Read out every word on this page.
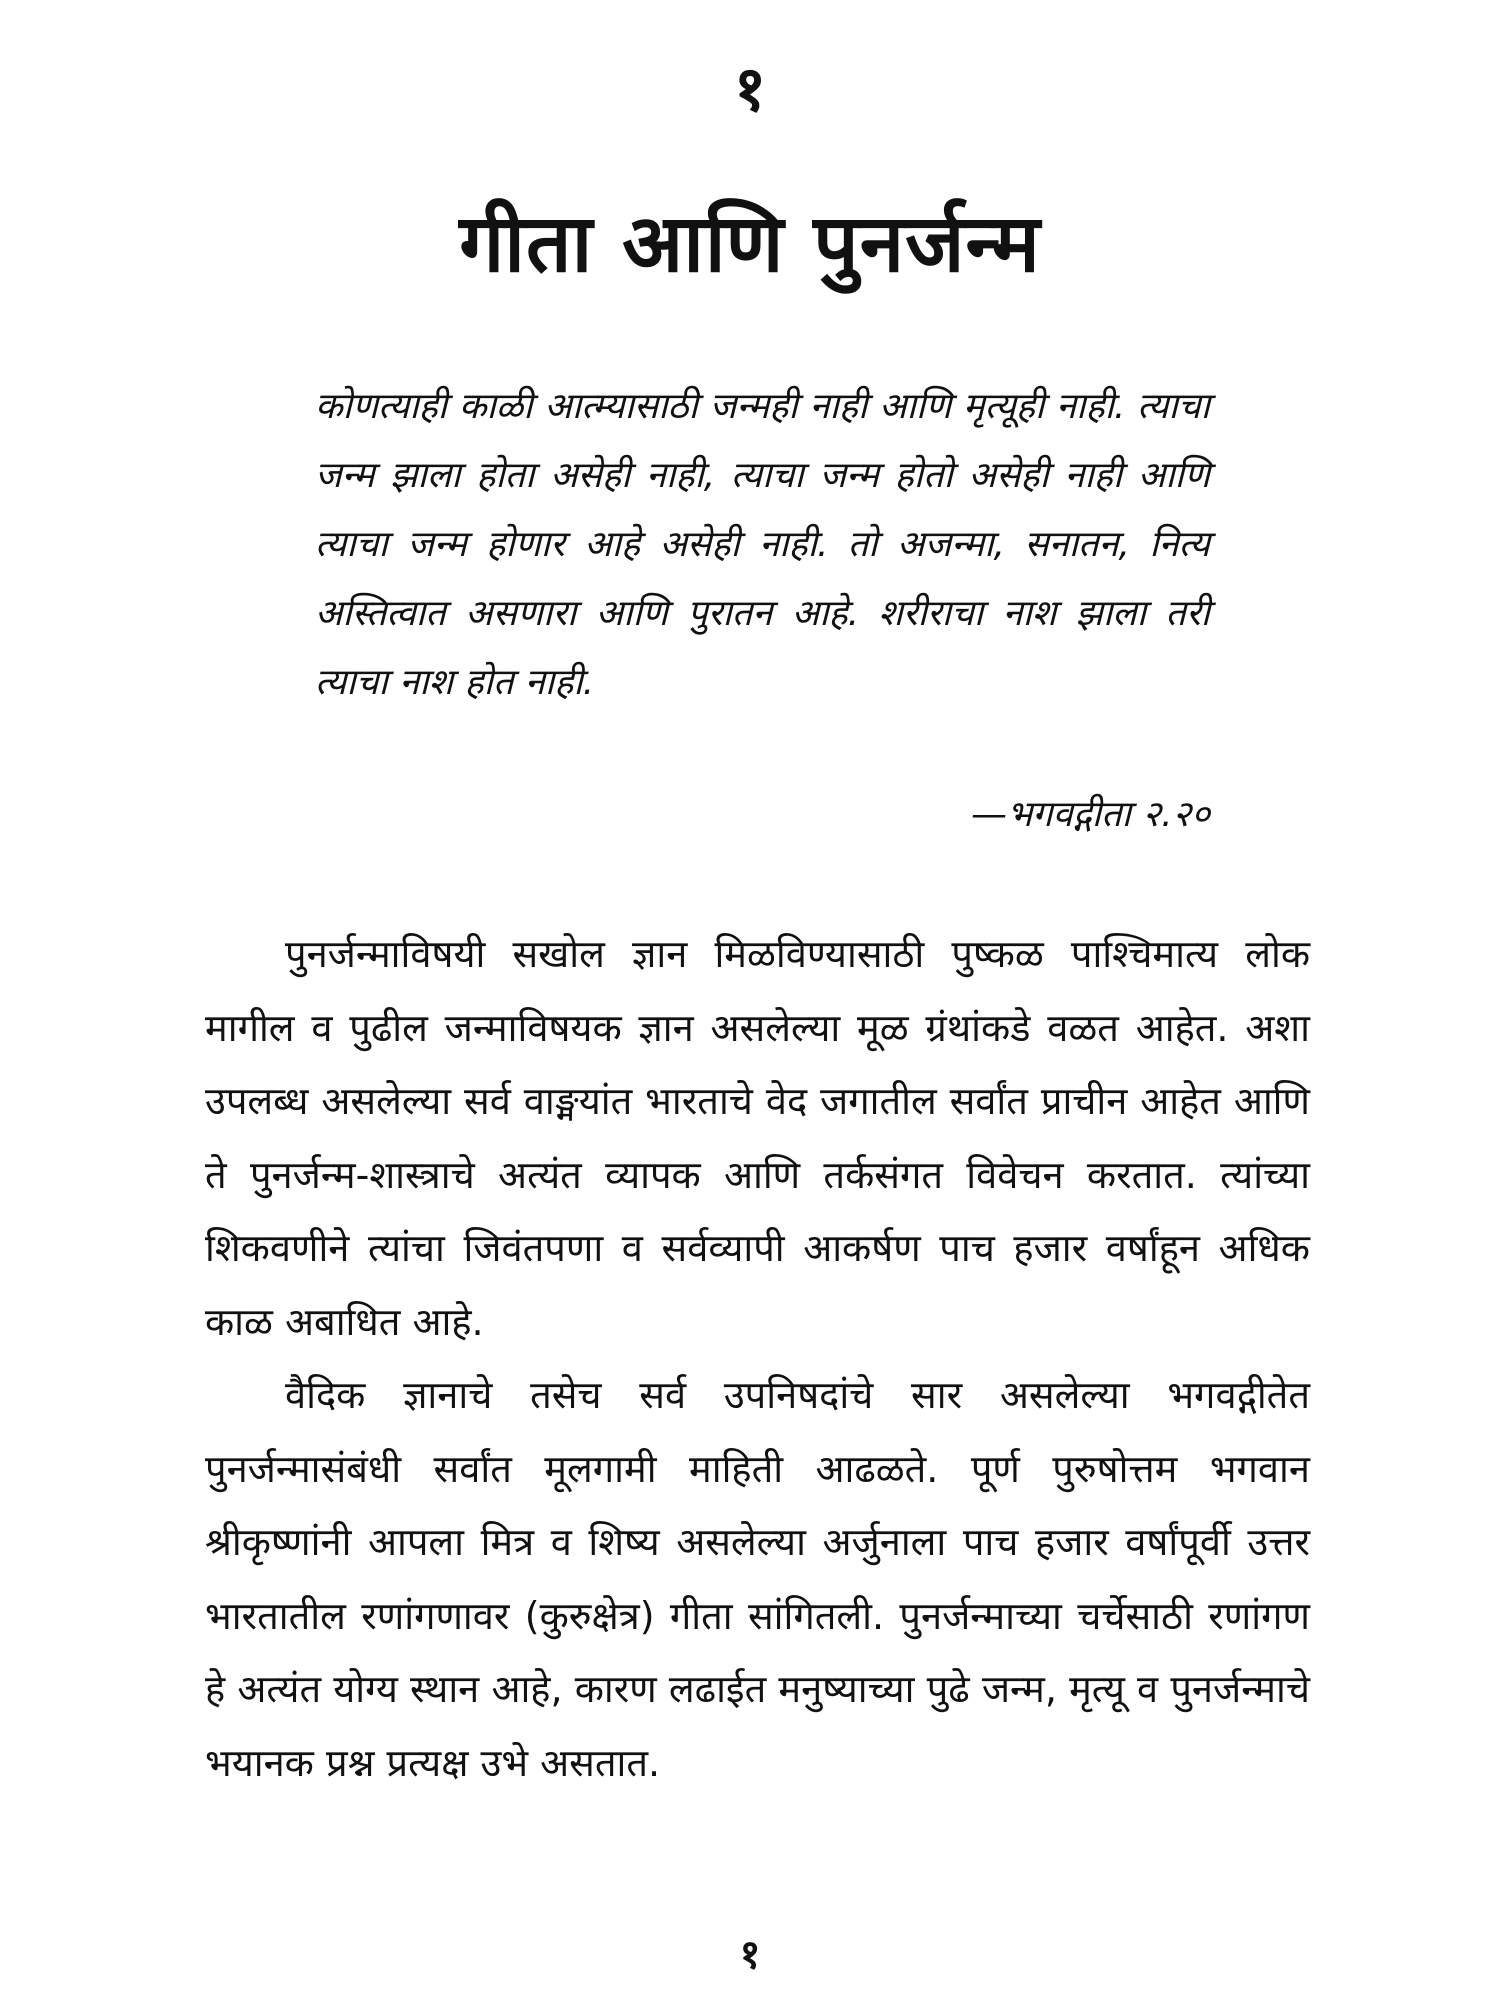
१
गीता आणि पुनर्जन्म
कोणत्याही काळी आत्म्यासाठी जन्मही नाही आणि मृत्यूही नाही. त्याचा जन्म झाला होता असेही नाही, त्याचा जन्म होतो असेही नाही आणि त्याचा जन्म होणार आहे असेही नाही. तो अजन्मा, सनातन, नित्य अस्तित्वात असणारा आणि पुरातन आहे. शरीराचा नाश झाला तरी त्याचा नाश होत नाही.

—भगवद्गीता २.२०

पुनर्जन्माविषयी सखोल ज्ञान मिळविण्यासाठी पुष्कळ पाश्चिमात्य लोक मागील व पुढील जन्माविषयक ज्ञान असलेल्या मूळ ग्रंथांकडे वळत आहेत. अशा उपलब्ध असलेल्या सर्व वाङ्मयांत भारताचे वेद जगातील सर्वांत प्राचीन आहेत आणि ते पुनर्जन्म-शास्त्राचे अत्यंत व्यापक आणि तर्कसंगत विवेचन करतात. त्यांच्या शिकवणीने त्यांचा जिवंतपणा व सर्वव्यापी आकर्षण पाच हजार वर्षांहून अधिक काळ अबाधित आहे.

वैदिक ज्ञानाचे तसेच सर्व उपनिषदांचे सार असलेल्या भगवद्गीतेत पुनर्जन्मासंबंधी सर्वांत मूलगामी माहिती आढळते. पूर्ण पुरुषोत्तम भगवान श्रीकृष्णांनी आपला मित्र व शिष्य असलेल्या अर्जुनाला पाच हजार वर्षांपूर्वी उत्तर भारतातील रणांगणावर (कुरुक्षेत्र) गीता सांगितली. पुनर्जन्माच्या चर्चेसाठी रणांगण हे अत्यंत योग्य स्थान आहे, कारण लढाईत मनुष्याच्या पुढे जन्म, मृत्यू व पुनर्जन्माचे भयानक प्रश्न प्रत्यक्ष उभे असतात.

१
